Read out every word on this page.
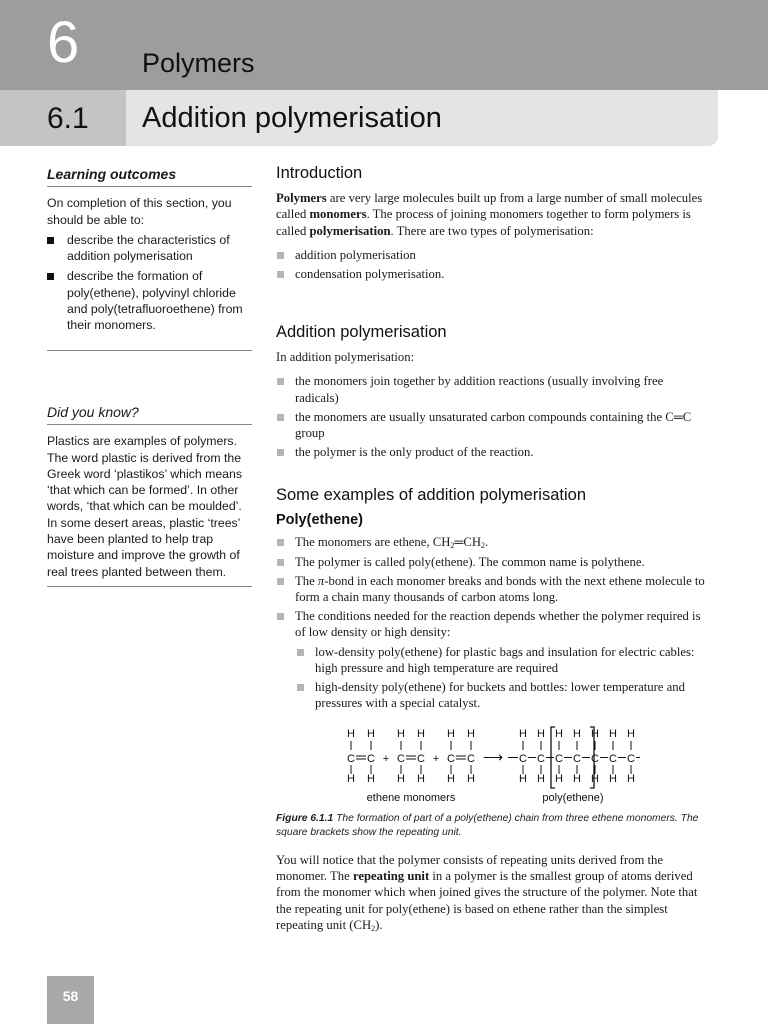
6 Polymers
6.1 Addition polymerisation
Learning outcomes
On completion of this section, you should be able to:
describe the characteristics of addition polymerisation
describe the formation of poly(ethene), polyvinyl chloride and poly(tetrafluoroethene) from their monomers.
Did you know?
Plastics are examples of polymers. The word plastic is derived from the Greek word ‘plastikos’ which means ‘that which can be formed’. In other words, ‘that which can be moulded’. In some desert areas, plastic ‘trees’ have been planted to help trap moisture and improve the growth of real trees planted between them.
Introduction

Polymers are very large molecules built up from a large number of small molecules called monomers. The process of joining monomers together to form polymers is called polymerisation. There are two types of polymerisation:

addition polymerisation
condensation polymerisation.
Addition polymerisation

In addition polymerisation:

the monomers join together by addition reactions (usually involving free radicals)
the monomers are usually unsaturated carbon compounds containing the C═C group
the polymer is the only product of the reaction.
Some examples of addition polymerisation
Poly(ethene)
The monomers are ethene, $CH_2═CH_2$.
The polymer is called poly(ethene). The common name is polythene.
The π-bond in each monomer breaks and bonds with the next ethene molecule to form a chain many thousands of carbon atoms long.
The conditions needed for the reaction depends whether the polymer required is of low density or high density:
low-density poly(ethene) for plastic bags and insulation for electric cables: high pressure and high temperature are required
high-density poly(ethene) for buckets and bottles: lower temperature and pressures with a special catalyst.
H
C
H
H
C
H
H
C
H
H
C
H
H
C
H
H
C
H
+	+	⟶
H
C
H
H
C
H
H
C
H
H
C
H
H
C
H
H
C
H
H
C
H
ethene monomers	poly(ethene)
Figure 6.1.1 The formation of part of a poly(ethene) chain from three ethene monomers. The square brackets show the repeating unit.

You will notice that the polymer consists of repeating units derived from the monomer. The repeating unit in a polymer is the smallest group of atoms derived from the monomer which when joined gives the structure of the polymer. Note that the repeating unit for poly(ethene) is based on ethene rather than the simplest repeating unit $(CH_2)$.

58
